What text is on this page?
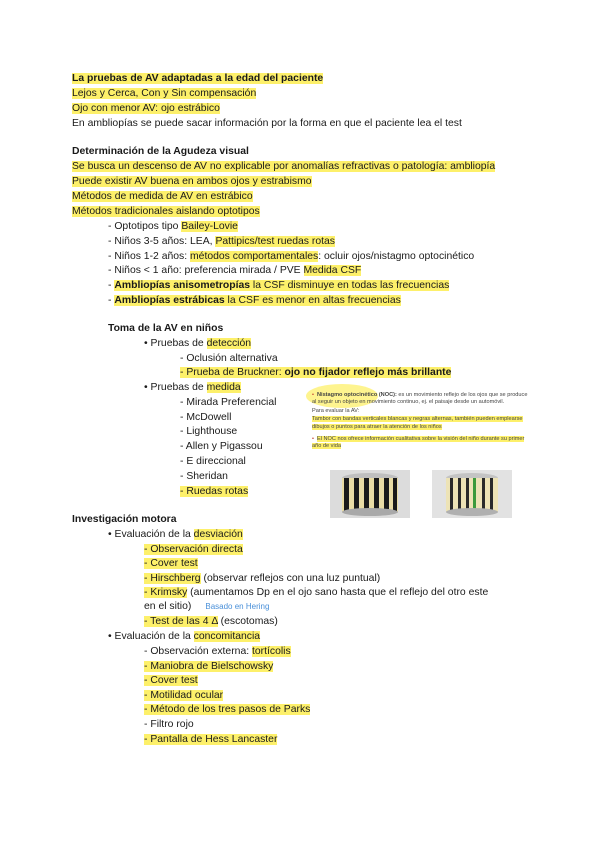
La pruebas de AV adaptadas a la edad del paciente
Lejos y Cerca, Con y Sin compensación
Ojo con menor AV: ojo estrábico
En ambliopías se puede sacar información por la forma en que el paciente lea el test
Determinación de la Agudeza visual
Se busca un descenso de AV no explicable por anomalías refractivas o patología: ambliopía
Puede existir AV buena en ambos ojos y estrabismo
Métodos de medida de AV en estrábico
Métodos tradicionales aislando optotipos
- Optotipos tipo Bailey-Lovie
- Niños 3-5 años: LEA, Pattipics/test ruedas rotas
- Niños 1-2 años: métodos comportamentales: ocluir ojos/nistagmo optocinético
- Niños < 1 año: preferencia mirada / PVE Medida CSF
- Ambliopías anisometropías la CSF disminuye en todas las frecuencias
- Ambliopías estrábicas la CSF es menor en altas frecuencias
Toma de la AV en niños
• Pruebas de detección
- Oclusión alternativa
- Prueba de Bruckner: ojo no fijador reflejo más brillante
• Pruebas de medida
- Mirada Preferencial
- McDowell
- Lighthouse
- Allen y Pigassou
- E direccional
- Sheridan
- Ruedas rotas

• Nistagmo optocinético (NOC): es un movimiento reflejo de los ojos que se produce al seguir un objeto en movimiento continuo, ej. el paisaje desde un automóvil.

Para evaluar la AV:

Tambor con bandas verticales blancas y negras alternas, también pueden emplearse dibujos o puntos para atraer la atención de los niños

• El NOC nos ofrece información cualitativa sobre la visión del niño durante su primer año de vida

Investigación motora
• Evaluación de la desviación
- Observación directa
- Cover test
- Hirschberg (observar reflejos con una luz puntual)
- Krimsky (aumentamos Dp en el ojo sano hasta que el reflejo del otro este
en el sitio) Basado en Hering
- Test de las 4 Δ (escotomas)
• Evaluación de la concomitancia
- Observación externa: tortícolis
- Maniobra de Bielschowsky
- Cover test
- Motilidad ocular
- Método de los tres pasos de Parks
- Filtro rojo
- Pantalla de Hess Lancaster
